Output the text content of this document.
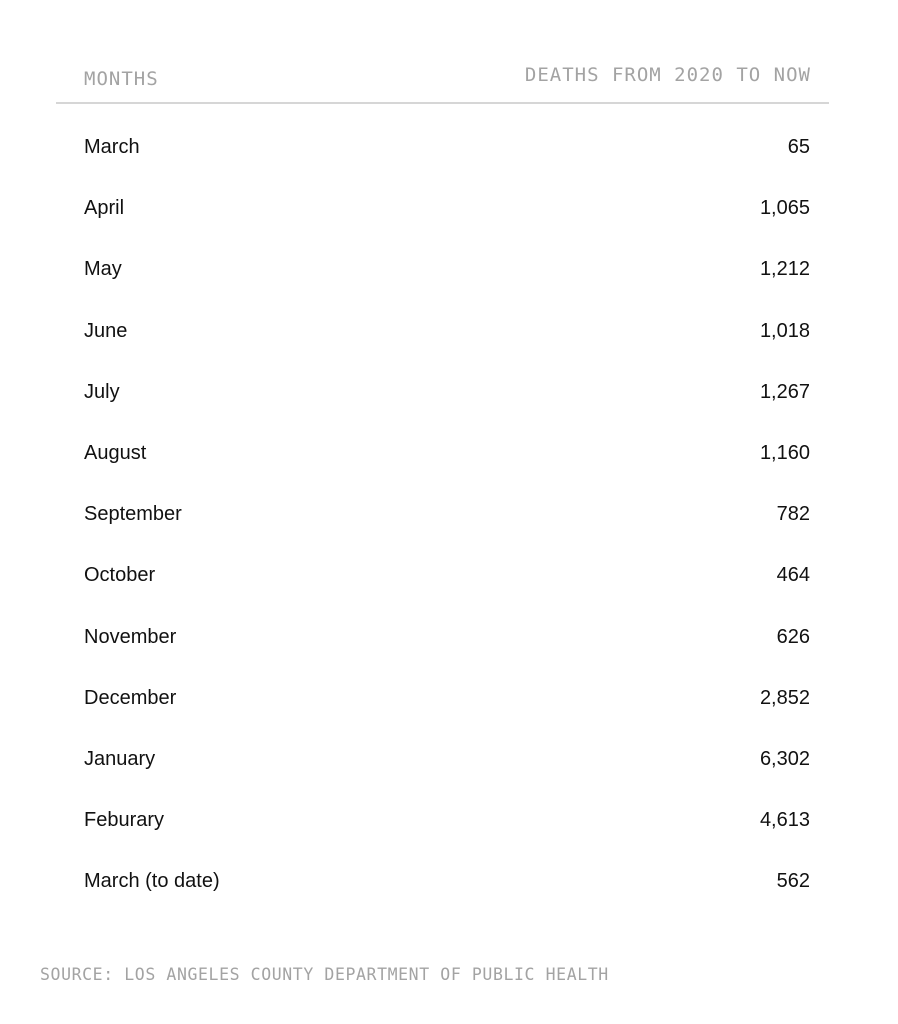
MONTHS	DEATHS FROM 2020 TO NOW
March	65
April	1,065
May	1,212
June	1,018
July	1,267
August	1,160
September	782
October	464
November	626
December	2,852
January	6,302
Feburary	4,613
March (to date)	562
SOURCE: LOS ANGELES COUNTY DEPARTMENT OF PUBLIC HEALTH
